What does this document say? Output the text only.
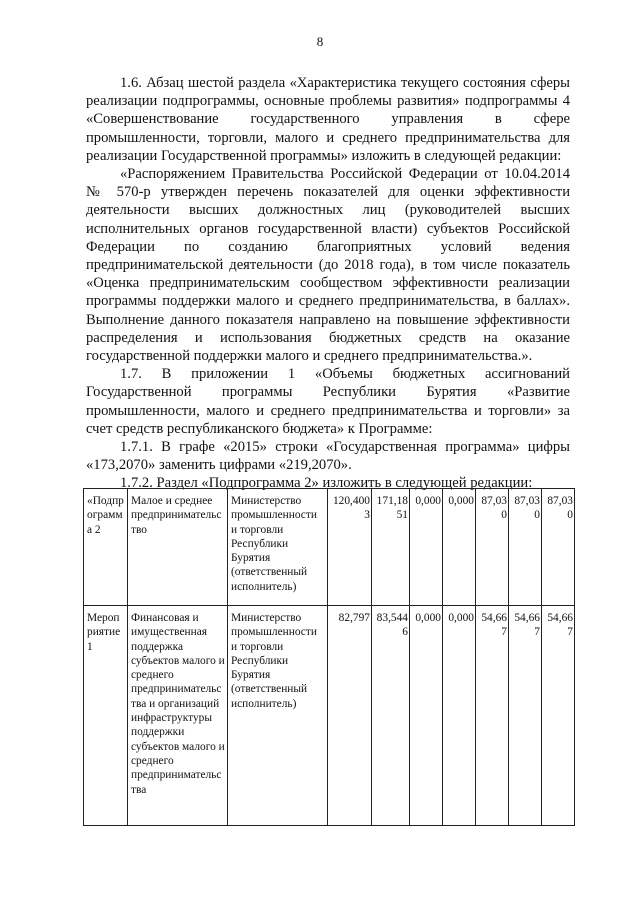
8

1.6. Абзац шестой раздела «Характеристика текущего состояния сферы реализации подпрограммы, основные проблемы развития» подпрограммы 4 «Совершенствование государственного управления в сфере промышленности, торговли, малого и среднего предпринимательства для реализации Государственной программы» изложить в следующей редакции:

«Распоряжением Правительства Российской Федерации от 10.04.2014 № 570-р утвержден перечень показателей для оценки эффективности деятельности высших должностных лиц (руководителей высших исполнительных органов государственной власти) субъектов Российской Федерации по созданию благоприятных условий ведения предпринимательской деятельности (до 2018 года), в том числе показатель «Оценка предпринимательским сообществом эффективности реализации программы поддержки малого и среднего предпринимательства, в баллах». Выполнение данного показателя направлено на повышение эффективности распределения и использования бюджетных средств на оказание государственной поддержки малого и среднего предпринимательства.».

1.7. В приложении 1 «Объемы бюджетных ассигнований Государственной программы Республики Бурятия «Развитие промышленности, малого и среднего предпринимательства и торговли» за счет средств республиканского бюджета» к Программе:

1.7.1. В графе «2015» строки «Государственная программа» цифры «173,2070» заменить цифрами «219,2070».

1.7.2. Раздел «Подпрограмма 2» изложить в следующей редакции:

«Подпрограмма 2	Малое и среднее предпринимательство	Министерство промышленности и торговли Республики Бурятия (ответственный исполнитель)	120,4003	171,1851	0,000	0,000	87,030	87,030	87,030
Мероприятие 1	Финансовая и имущественная поддержка субъектов малого и среднего предпринимательства и организаций инфраструктуры поддержки субъектов малого и среднего предпринимательства	Министерство промышленности и торговли Республики Бурятия (ответственный исполнитель)	82,797	83,5446	0,000	0,000	54,667	54,667	54,667
